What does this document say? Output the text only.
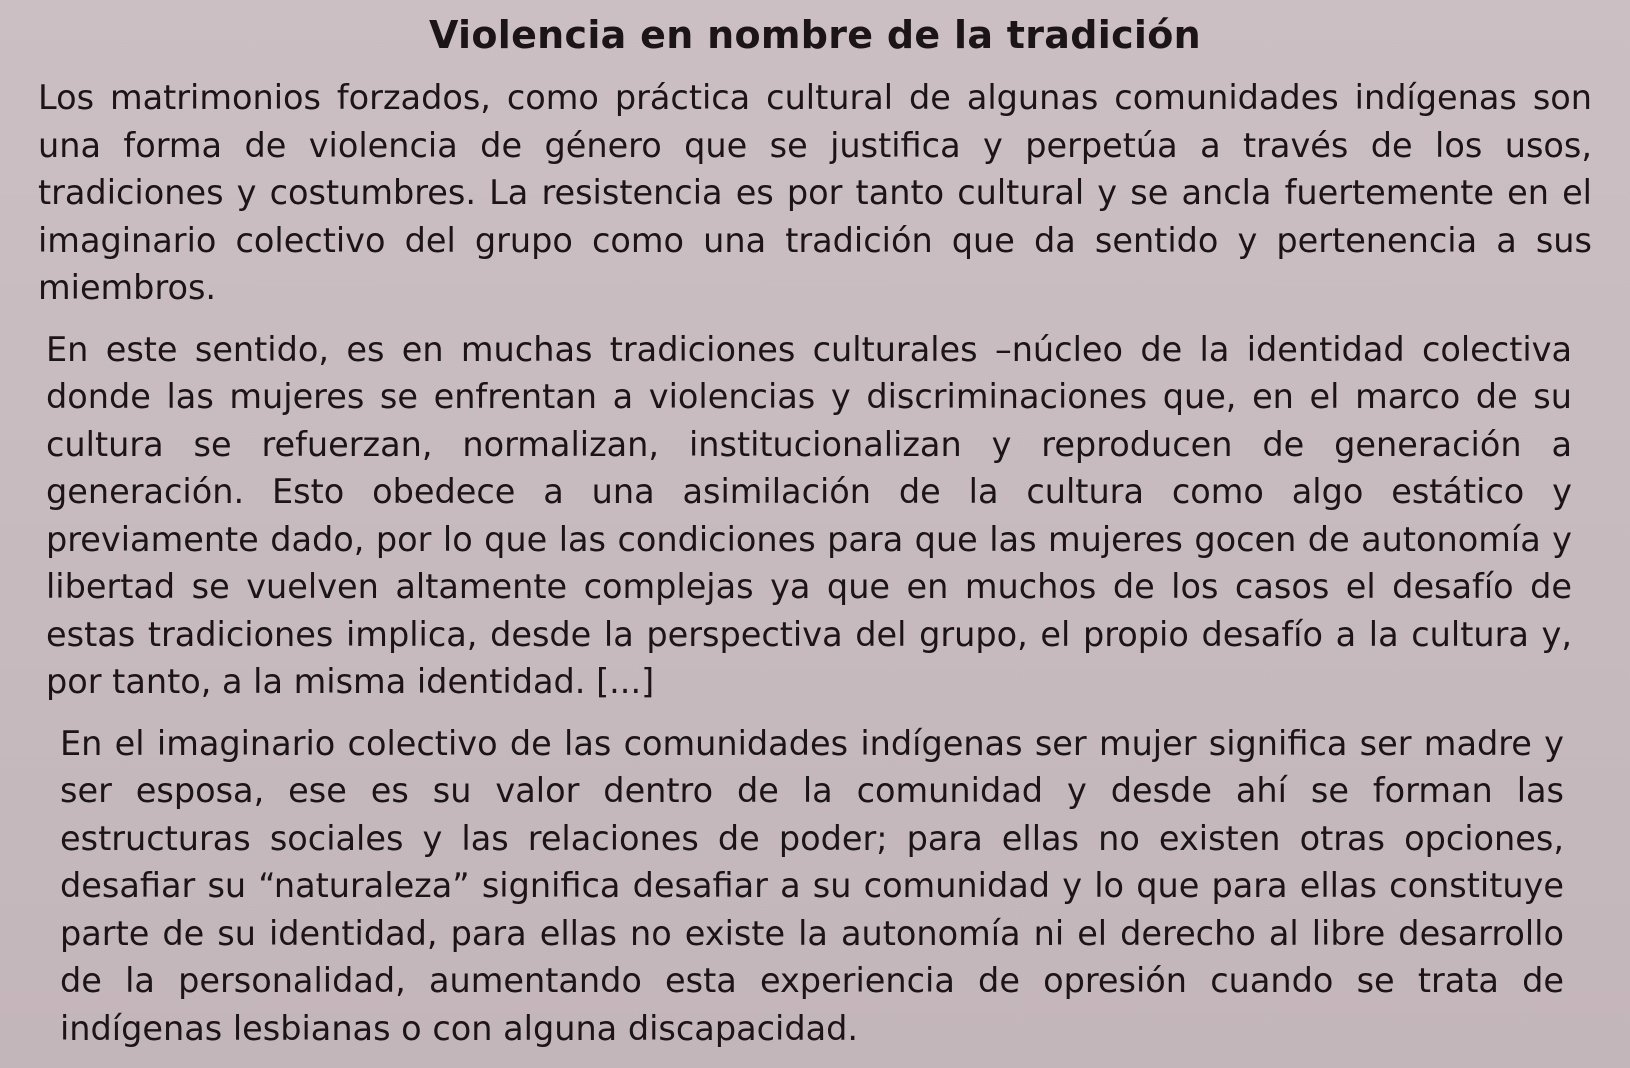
Violencia en nombre de la tradición

Los matrimonios forzados, como práctica cultural de algunas comunidades indígenas son una forma de violencia de género que se justifica y perpetúa a través de los usos, tradiciones y costumbres. La resistencia es por tanto cultural y se ancla fuertemente en el imaginario colectivo del grupo como una tradición que da sentido y pertenencia a sus miembros.

En este sentido, es en muchas tradiciones culturales –núcleo de la identidad colectiva donde las mujeres se enfrentan a violencias y discriminaciones que, en el marco de su cultura se refuerzan, normalizan, institucionalizan y reproducen de generación a generación. Esto obedece a una asimilación de la cultura como algo estático y previamente dado, por lo que las condiciones para que las mujeres gocen de autonomía y libertad se vuelven altamente complejas ya que en muchos de los casos el desafío de estas tradiciones implica, desde la perspectiva del grupo, el propio desafío a la cultura y, por tanto, a la misma identidad. [...]

En el imaginario colectivo de las comunidades indígenas ser mujer significa ser madre y ser esposa, ese es su valor dentro de la comunidad y desde ahí se forman las estructuras sociales y las relaciones de poder; para ellas no existen otras opciones, desafiar su “naturaleza” significa desafiar a su comunidad y lo que para ellas constituye parte de su identidad, para ellas no existe la autonomía ni el derecho al libre desarrollo de la personalidad, aumentando esta experiencia de opresión cuando se trata de indígenas lesbianas o con alguna discapacidad.
